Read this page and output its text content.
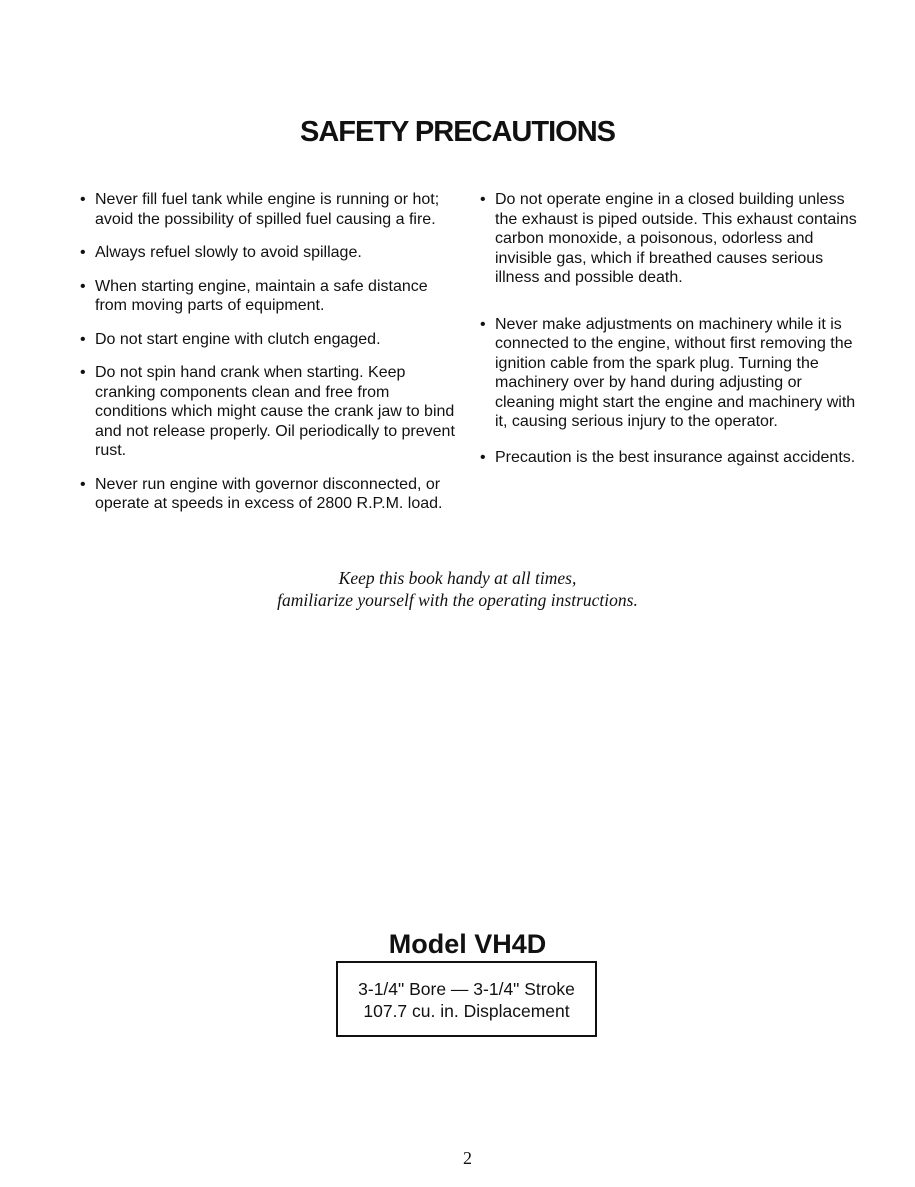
SAFETY PRECAUTIONS
• Never fill fuel tank while engine is running or hot; avoid the possibility of spilled fuel causing a fire.
• Always refuel slowly to avoid spillage.
• When starting engine, maintain a safe distance from moving parts of equipment.
• Do not start engine with clutch engaged.
• Do not spin hand crank when starting. Keep cranking components clean and free from conditions which might cause the crank jaw to bind and not release properly. Oil periodically to prevent rust.
• Never run engine with governor disconnected, or operate at speeds in excess of 2800 R.P.M. load.
• Do not operate engine in a closed building unless the exhaust is piped outside. This exhaust contains carbon monoxide, a poisonous, odorless and invisible gas, which if breathed causes serious illness and possible death.
• Never make adjustments on machinery while it is connected to the engine, without first removing the ignition cable from the spark plug. Turning the machinery over by hand during adjusting or cleaning might start the engine and machinery with it, causing serious injury to the operator.
• Precaution is the best insurance against accidents.
Keep this book handy at all times,
familiarize yourself with the operating instructions.
Model VH4D
3-1/4" Bore — 3-1/4" Stroke
107.7 cu. in. Displacement
2
